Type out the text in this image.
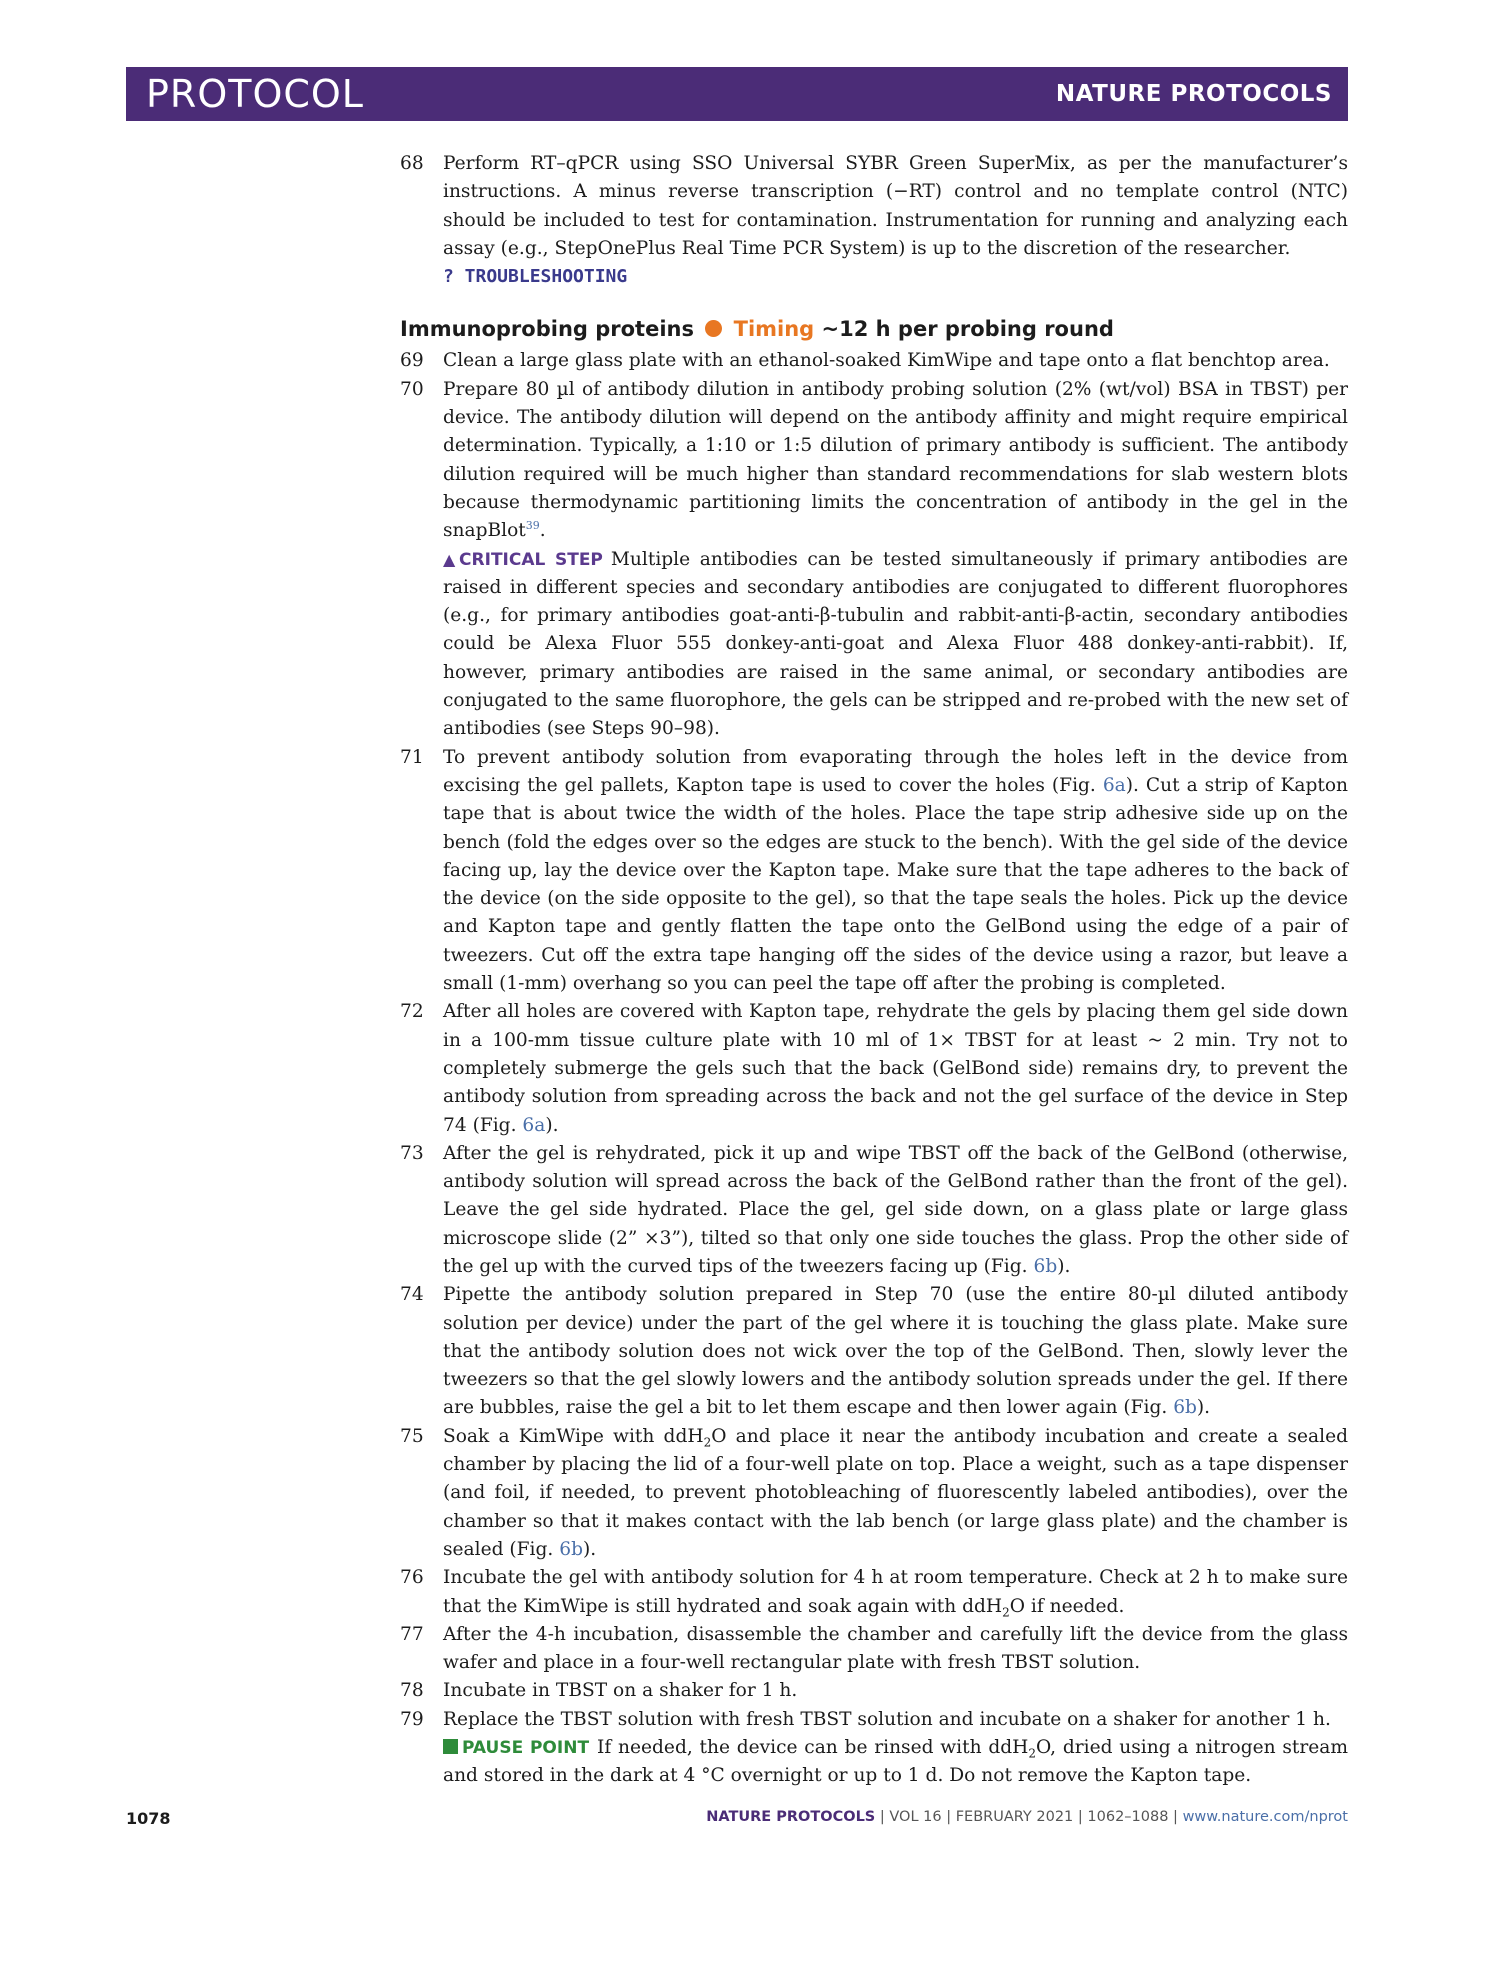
PROTOCOL	NATURE PROTOCOLS
68 Perform RT–qPCR using SSO Universal SYBR Green SuperMix, as per the manufacturer’s instructions. A minus reverse transcription (−RT) control and no template control (NTC) should be included to test for contamination. Instrumentation for running and analyzing each assay (e.g., StepOnePlus Real Time PCR System) is up to the discretion of the researcher.

? TROUBLESHOOTING

Immunoprobing proteins Timing ~12 h per probing round
69 Clean a large glass plate with an ethanol-soaked KimWipe and tape onto a flat benchtop area.

70 Prepare 80 µl of antibody dilution in antibody probing solution (2% (wt/vol) BSA in TBST) per device. The antibody dilution will depend on the antibody affinity and might require empirical determination. Typically, a 1:10 or 1:5 dilution of primary antibody is sufficient. The antibody dilution required will be much higher than standard recommendations for slab western blots because thermodynamic partitioning limits the concentration of antibody in the gel in the snapBlot$^{39}$.

▲CRITICAL STEP Multiple antibodies can be tested simultaneously if primary antibodies are raised in different species and secondary antibodies are conjugated to different fluorophores (e.g., for primary antibodies goat-anti-β-tubulin and rabbit-anti-β-actin, secondary antibodies could be Alexa Fluor 555 donkey-anti-goat and Alexa Fluor 488 donkey-anti-rabbit). If, however, primary antibodies are raised in the same animal, or secondary antibodies are conjugated to the same fluorophore, the gels can be stripped and re-probed with the new set of antibodies (see Steps 90–98).

71 To prevent antibody solution from evaporating through the holes left in the device from excising the gel pallets, Kapton tape is used to cover the holes (Fig. 6a). Cut a strip of Kapton tape that is about twice the width of the holes. Place the tape strip adhesive side up on the bench (fold the edges over so the edges are stuck to the bench). With the gel side of the device facing up, lay the device over the Kapton tape. Make sure that the tape adheres to the back of the device (on the side opposite to the gel), so that the tape seals the holes. Pick up the device and Kapton tape and gently flatten the tape onto the GelBond using the edge of a pair of tweezers. Cut off the extra tape hanging off the sides of the device using a razor, but leave a small (1-mm) overhang so you can peel the tape off after the probing is completed.

72 After all holes are covered with Kapton tape, rehydrate the gels by placing them gel side down in a 100-mm tissue culture plate with 10 ml of 1× TBST for at least ~ 2 min. Try not to completely submerge the gels such that the back (GelBond side) remains dry, to prevent the antibody solution from spreading across the back and not the gel surface of the device in Step 74 (Fig. 6a).

73 After the gel is rehydrated, pick it up and wipe TBST off the back of the GelBond (otherwise, antibody solution will spread across the back of the GelBond rather than the front of the gel). Leave the gel side hydrated. Place the gel, gel side down, on a glass plate or large glass microscope slide (2” ×3”), tilted so that only one side touches the glass. Prop the other side of the gel up with the curved tips of the tweezers facing up (Fig. 6b).

74 Pipette the antibody solution prepared in Step 70 (use the entire 80-µl diluted antibody solution per device) under the part of the gel where it is touching the glass plate. Make sure that the antibody solution does not wick over the top of the GelBond. Then, slowly lever the tweezers so that the gel slowly lowers and the antibody solution spreads under the gel. If there are bubbles, raise the gel a bit to let them escape and then lower again (Fig. 6b).

75 Soak a KimWipe with ddH$_2$O and place it near the antibody incubation and create a sealed chamber by placing the lid of a four-well plate on top. Place a weight, such as a tape dispenser (and foil, if needed, to prevent photobleaching of fluorescently labeled antibodies), over the chamber so that it makes contact with the lab bench (or large glass plate) and the chamber is sealed (Fig. 6b).

76 Incubate the gel with antibody solution for 4 h at room temperature. Check at 2 h to make sure that the KimWipe is still hydrated and soak again with ddH$_2$O if needed.

77 After the 4-h incubation, disassemble the chamber and carefully lift the device from the glass wafer and place in a four-well rectangular plate with fresh TBST solution.

78 Incubate in TBST on a shaker for 1 h.

79 Replace the TBST solution with fresh TBST solution and incubate on a shaker for another 1 h.

PAUSE POINT If needed, the device can be rinsed with ddH$_2$O, dried using a nitrogen stream and stored in the dark at 4 °C overnight or up to 1 d. Do not remove the Kapton tape.

1078	NATURE PROTOCOLS | VOL 16 | FEBRUARY 2021 | 1062–1088 | www.nature.com/nprot
